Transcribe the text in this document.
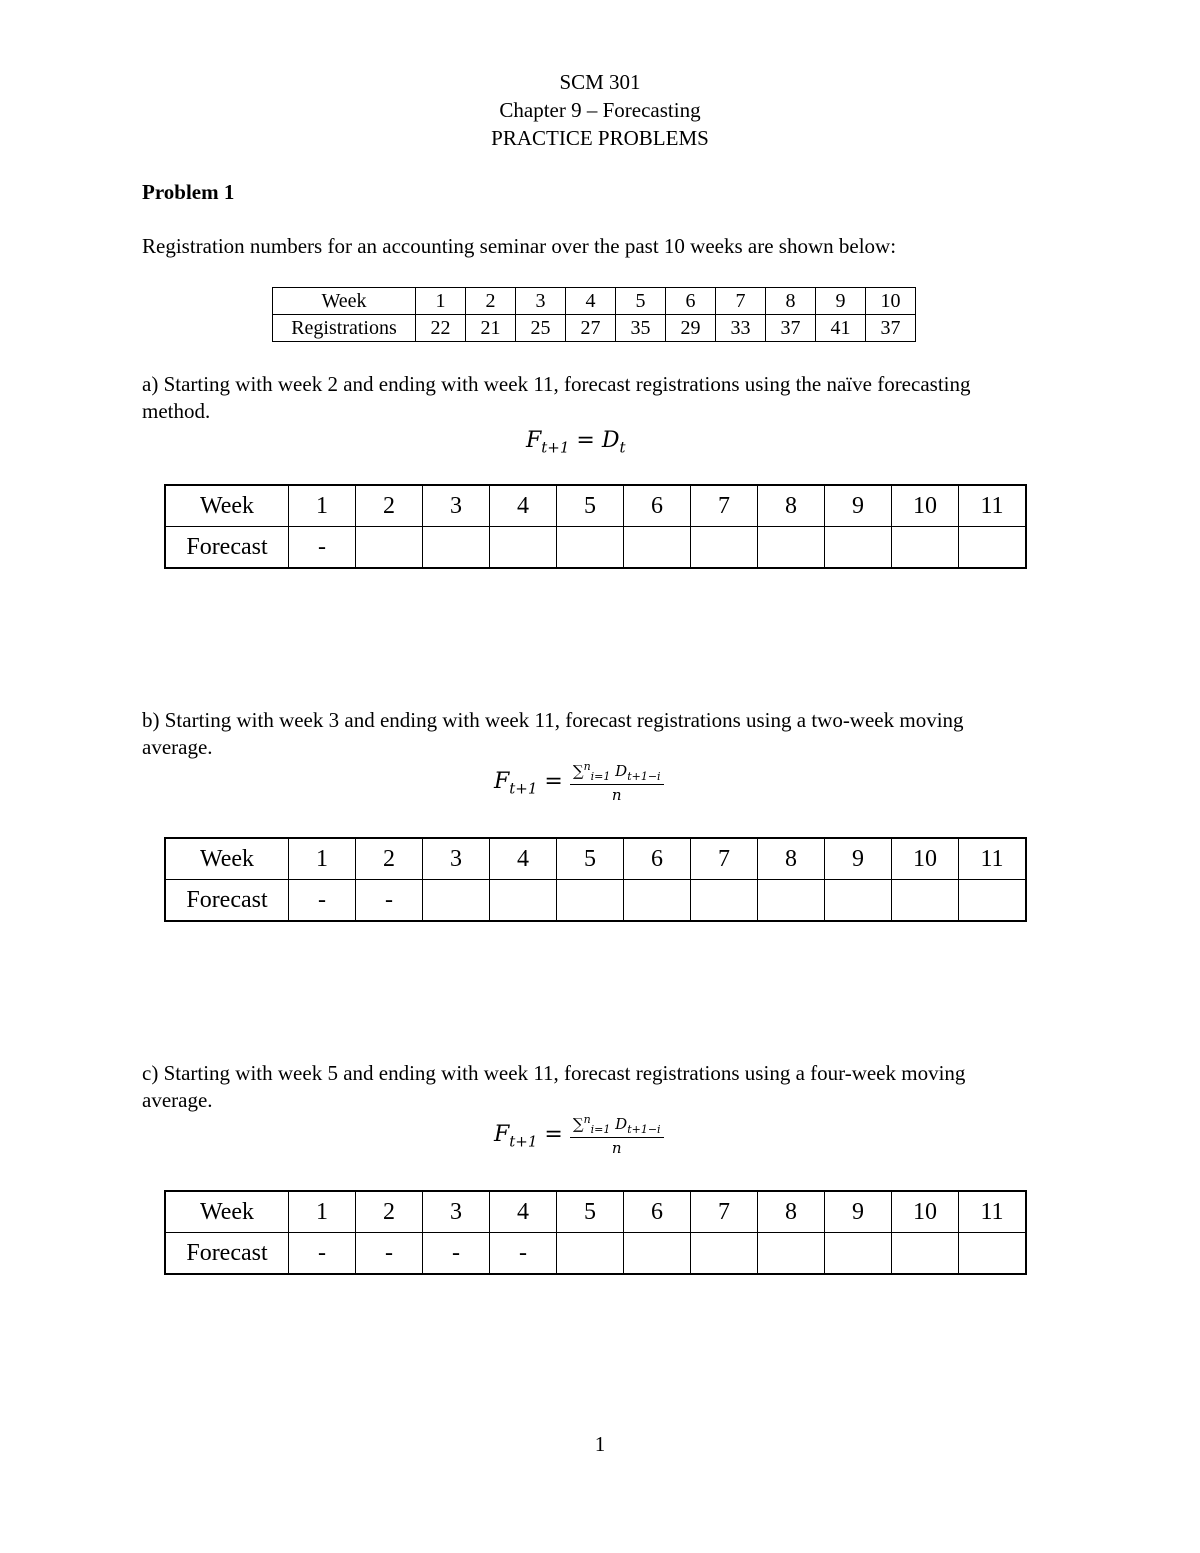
SCM 301
Chapter 9 – Forecasting
PRACTICE PROBLEMS
Problem 1
Registration numbers for an accounting seminar over the past 10 weeks are shown below:
Week	1	2	3	4	5	6	7	8	9	10
Registrations	22	21	25	27	35	29	33	37	41	37
a) Starting with week 2 and ending with week 11, forecast registrations using the naïve forecasting method.
$F_{t+1} = D_t$
Week	1	2	3	4	5	6	7	8	9	10	11
Forecast	-										
b) Starting with week 3 and ending with week 11, forecast registrations using a two-week moving average.
$F_{t+1} = \frac{\sum^n_{i=1} D_{t+1-i}}{n}$
Week	1	2	3	4	5	6	7	8	9	10	11
Forecast	-	-									
c) Starting with week 5 and ending with week 11, forecast registrations using a four-week moving average.
$F_{t+1} = \frac{\sum^n_{i=1} D_{t+1-i}}{n}$
Week	1	2	3	4	5	6	7	8	9	10	11
Forecast	-	-	-	-							
1
